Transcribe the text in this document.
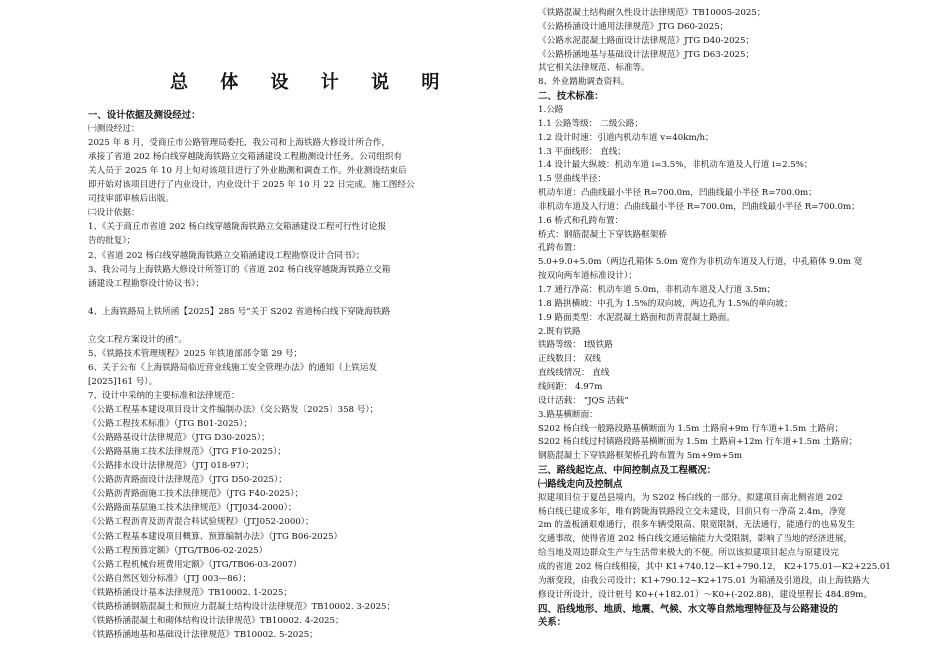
总 体 设 计 说 明
一、设计依据及测设经过：
㈠测设经过：
2025 年 8 月，受商丘市公路管理局委托，我公司和上海铁路大修设计所合作，
承接了省道 202 杨白线穿越陇海铁路立交箱涵建设工程勘测设计任务。公司组织有
关人员于 2025 年 10 月上旬对该项目进行了外业勘测和调查工作。外业测设结束后
即开始对该项目进行了内业设计，内业设计于 2025 年 10 月 22 日完成。施工图经公
司技审部审核后出版。
㈡设计依据：
1、《关于商丘市省道 202 杨白线穿越陇海铁路立交箱涵建设工程可行性讨论报
告的批复》；
2、《省道 202 杨白线穿越陇海铁路立交箱涵建设工程勘察设计合同书》；
3、我公司与上海铁路大修设计所签订的《省道 202 杨白线穿越陇海铁路立交箱
涵建设工程勘察设计协议书》；
4、上海铁路局上铁所函【2025】285 号“关于 S202 省道杨白线下穿陇海铁路
立交工程方案设计的函”。
5、《铁路技术管理规程》2025 年铁道部部令第 29 号；
6、关于公布《上海铁路局临近营业线施工安全管理办法》的通知（上铁运发
[2025]161 号）。
7、设计中采纳的主要标准和法律规范：
《公路工程基本建设项目设计文件编制办法》（交公路发〔2025〕358 号）；
《公路工程技术标准》（JTG B01-2025）；
《公路路基设计法律规范》（JTG D30-2025）；
《公路路基施工技术法律规范》（JTG F10-2025）；
《公路排水设计法律规范》（JTJ 018-97）；
《公路沥青路面设计法律规范》（JTG D50-2025）；
《公路沥青路面施工技术法律规范》（JTG F40-2025）；
《公路路面基层施工技术法律规范》（JTJ034-2000）；
《公路工程沥青及沥青混合料试验规程》（JTJ052-2000）；
《公路工程基本建设项目概算、预算编制办法》（JTG B06-2025）
《公路工程预算定额》（JTG/TB06-02-2025）
《公路工程机械台班费用定额》（JTG/TB06-03-2007）
《公路自然区划分标准》（JTJ 003—86）；
《铁路桥涵设计基本法律规范》TB10002. 1-2025；
《铁路桥涵钢筋混凝土和预应力混凝土结构设计法律规范》TB10002. 3-2025；
《铁路桥涵混凝土和砌体结构设计法律规范》TB10002. 4-2025；
《铁路桥涵地基和基础设计法律规范》TB10002. 5-2025；
《铁路混凝土结构耐久性设计法律规范》TB10005-2025；
《公路桥涵设计通用法律规范》JTG D60-2025；
《公路水泥混凝土路面设计法律规范》JTG D40-2025；
《公路桥涵地基与基础设计法律规范》JTG D63-2025；
其它相关法律规范、标准等。
8、外业踏勘调查资料。
二、技术标准：
1.公路
1.1 公路等级： 二级公路；
1.2 设计时速：引道内机动车道 v=40km/h；
1.3 平面线形： 直线；
1.4 设计最大纵坡：机动车道 i=3.5%，非机动车道及人行道 i=2.5%；
1.5 竖曲线半径：
机动车道：凸曲线最小半径 R=700.0m，凹曲线最小半径 R=700.0m；
非机动车道及人行道：凸曲线最小半径 R=700.0m，凹曲线最小半径 R=700.0m；
1.6 桥式和孔跨布置：
桥式：钢筋混凝土下穿铁路框架桥
孔跨布置：
5.0+9.0+5.0m（两边孔箱体 5.0m 宽作为非机动车道及人行道，中孔箱体 9.0m 宽
按双向两车道标准设计）；
1.7 通行净高：机动车道 5.0m，非机动车道及人行道 3.5m；
1.8 路拱横坡：中孔为 1.5%的双向坡，两边孔为 1.5%的单向坡；
1.9 路面类型：水泥混凝土路面和沥青混凝土路面。
2.既有铁路
铁路等级： Ⅰ级铁路
正线数目： 双线
直线线情况： 直线
线间距： 4.97m
设计活载： “JQS 活载”
3.路基横断面：
S202 杨白线一般路段路基横断面为 1.5m 土路肩+9m 行车道+1.5m 土路肩；
S202 杨白线过村镇路段路基横断面为 1.5m 土路肩+12m 行车道+1.5m 土路肩；
钢筋混凝土下穿铁路框架桥孔跨布置为 5m+9m+5m
三、路线起讫点、中间控制点及工程概况：
㈠路线走向及控制点
拟建项目位于夏邑县境内，为 S202 杨白线的一部分。拟建项目南北侧省道 202
杨白线已建成多年，唯有跨陇海铁路段立交未建设，目前只有一净高 2.4m，净宽
2m 的盖板涵艰难通行，很多车辆受限高、限宽限制，无法通行，能通行的也易发生
交通事故，使得省道 202 杨白线交通运输能力大受限制，影响了当地的经济进展，
给当地及周边群众生产与生活带来极大的不便。所以该拟建项目起点与原建设完
成的省道 202 杨白线相接，其中 K1+740.12—K1+790.12， K2+175.01—K2+225.01
为渐变段，由我公司设计；K1+790.12~K2+175.01 为箱涵及引道段，由上海铁路大
修设计所设计，设计桩号 K0+(+182.01）～K0+(-202.88)，建设里程长 484.89m。
四、沿线地形、地质、地震、气候、水文等自然地理特征及与公路建设的
关系：
